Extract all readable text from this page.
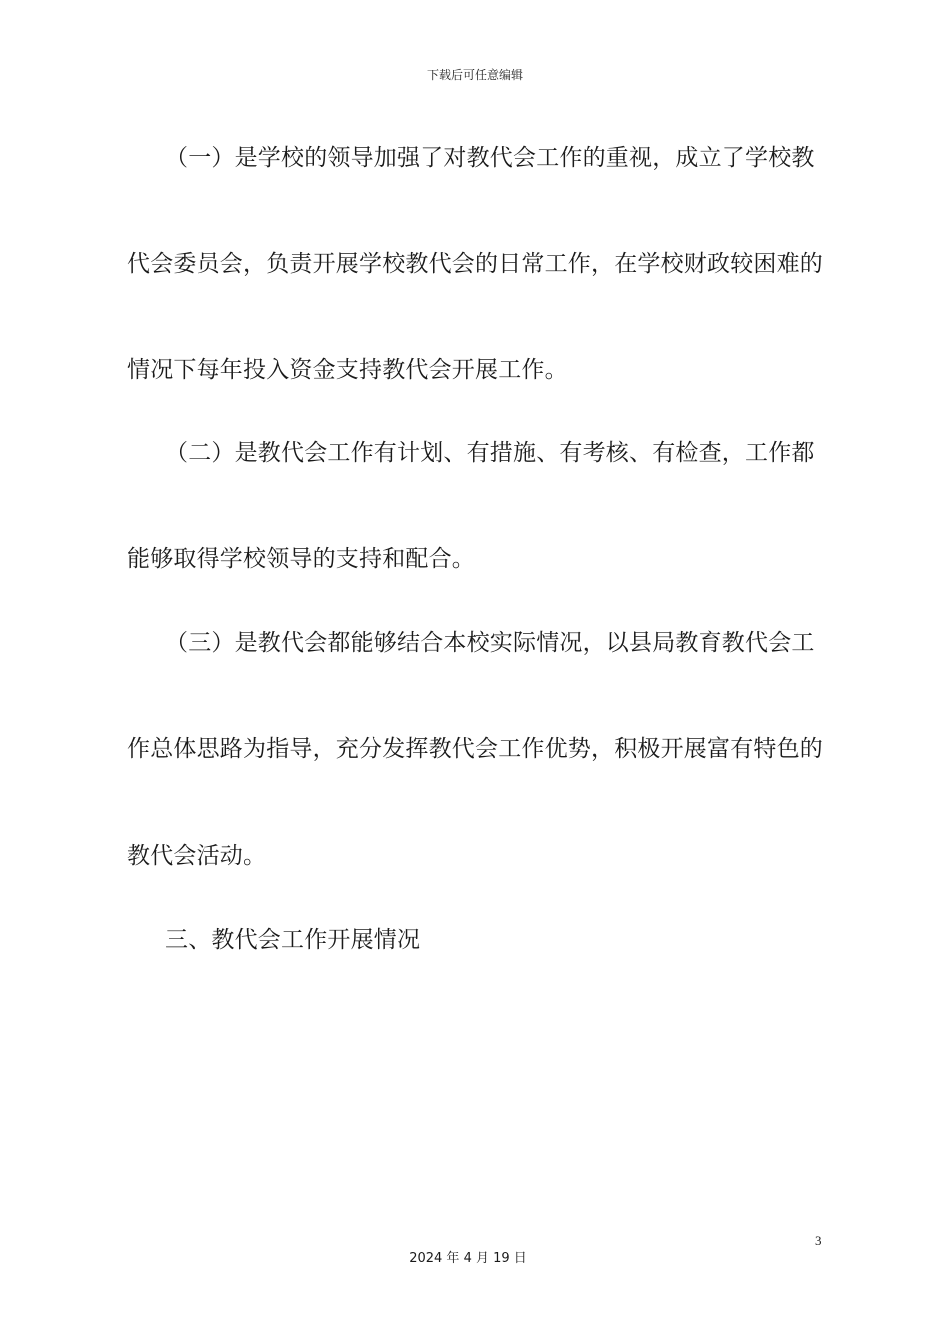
下载后可任意编辑
（一）是学校的领导加强了对教代会工作的重视，成立了学校教
代会委员会，负责开展学校教代会的日常工作，在学校财政较困难的
情况下每年投入资金支持教代会开展工作。
（二）是教代会工作有计划、有措施、有考核、有检查，工作都
能够取得学校领导的支持和配合。
（三）是教代会都能够结合本校实际情况，以县局教育教代会工
作总体思路为指导，充分发挥教代会工作优势，积极开展富有特色的
教代会活动。
三、教代会工作开展情况
3
2024 年 4 月 19 日
